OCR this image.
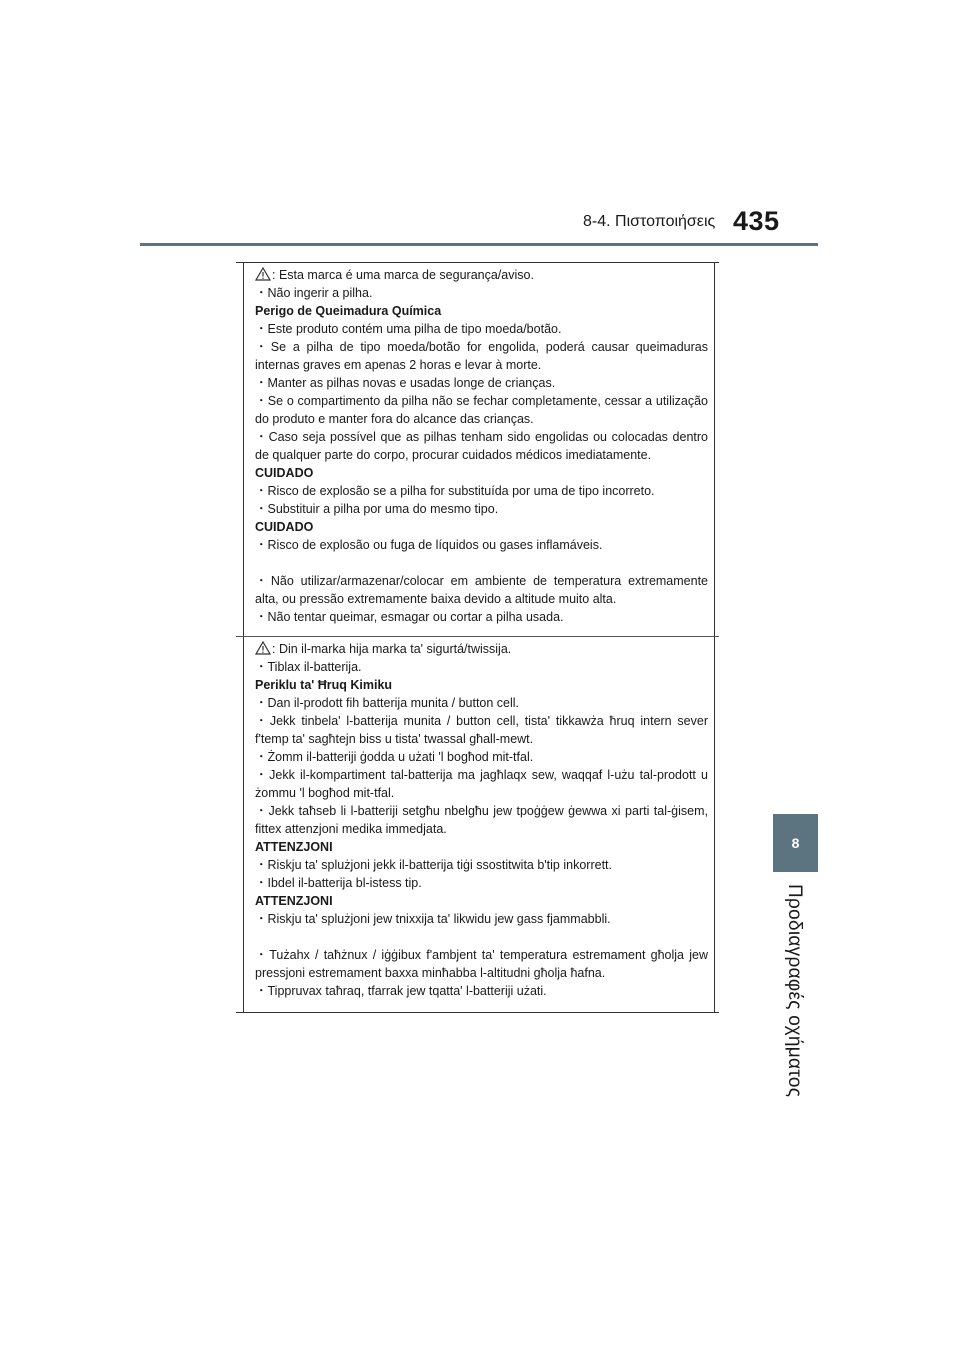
8-4. Πιστοποιήσεις 435
8
Προδιαγραφές οχήματος

: Esta marca é uma marca de segurança/aviso.

・Não ingerir a pilha.

Perigo de Queimadura Química

・Este produto contém uma pilha de tipo moeda/botão.

・Se a pilha de tipo moeda/botão for engolida, poderá causar queimaduras internas graves em apenas 2 horas e levar à morte.

・Manter as pilhas novas e usadas longe de crianças.

・Se o compartimento da pilha não se fechar completamente, cessar a utilização do produto e manter fora do alcance das crianças.

・Caso seja possível que as pilhas tenham sido engolidas ou colocadas dentro de qualquer parte do corpo, procurar cuidados médicos imediatamente.

CUIDADO

・Risco de explosão se a pilha for substituída por uma de tipo incorreto.

・Substituir a pilha por uma do mesmo tipo.

CUIDADO

・Risco de explosão ou fuga de líquidos ou gases inflamáveis.

・Não utilizar/armazenar/colocar em ambiente de temperatura extremamente alta, ou pressão extremamente baixa devido a altitude muito alta.

・Não tentar queimar, esmagar ou cortar a pilha usada.

: Din il-marka hija marka ta' sigurtá/twissija.

・Tiblax il-batterija.

Periklu ta' Ħruq Kimiku

・Dan il-prodott fih batterija munita / button cell.

・Jekk tinbela' l-batterija munita / button cell, tista' tikkawża ħruq intern sever f'temp ta' sagħtejn biss u tista' twassal għall-mewt.

・Żomm il-batteriji ġodda u użati 'l bogħod mit-tfal.

・Jekk il-kompartiment tal-batterija ma jagħlaqx sew, waqqaf l-użu tal-prodott u żommu 'l bogħod mit-tfal.

・Jekk taħseb li l-batteriji setgħu nbelgħu jew tpoġġew ġewwa xi parti tal-ġisem, fittex attenzjoni medika immedjata.

ATTENZJONI

・Riskju ta' splużjoni jekk il-batterija tiġi ssostitwita b'tip inkorrett.

・Ibdel il-batterija bl-istess tip.

ATTENZJONI

・Riskju ta' splużjoni jew tnixxija ta' likwidu jew gass fjammabbli.

・Tużahx / taħżnux / iġġibux f'ambjent ta' temperatura estremament għolja jew pressjoni estremament baxxa minħabba l-altitudni għolja ħafna.

・Tippruvax taħraq, tfarrak jew tqatta' l-batteriji użati.
